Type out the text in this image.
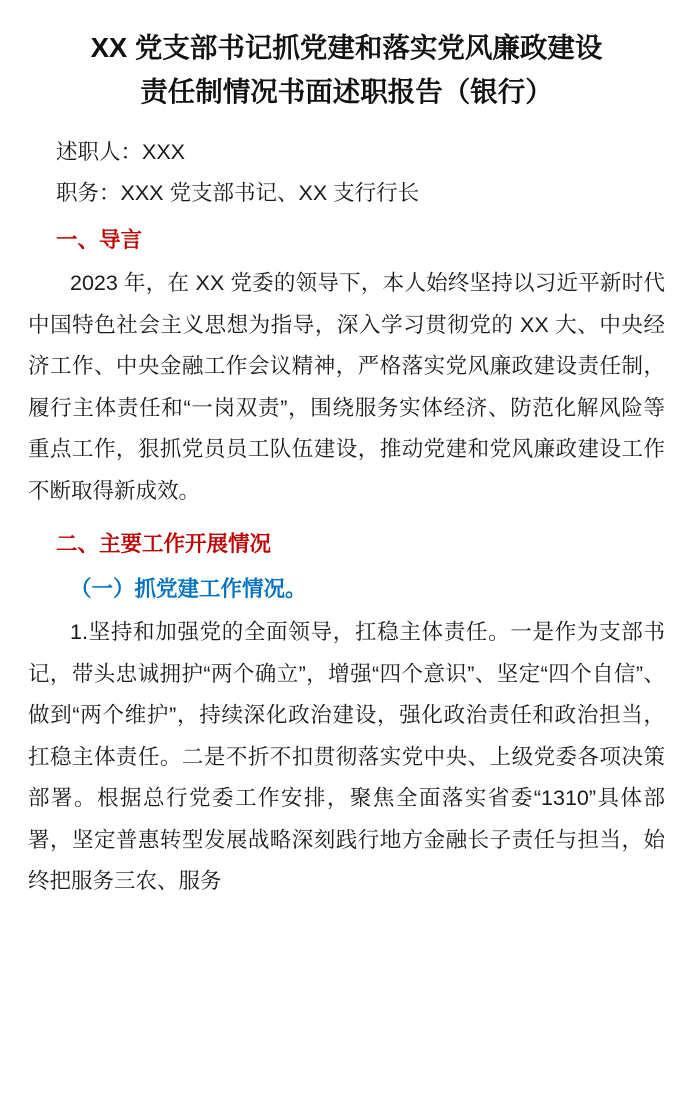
XX 党支部书记抓党建和落实党风廉政建设
责任制情况书面述职报告（银行）

述职人：XXX

职务：XXX 党支部书记、XX 支行行长

一、导言

2023 年，在 XX 党委的领导下，本人始终坚持以习近平新时代中国特色社会主义思想为指导，深入学习贯彻党的 XX 大、中央经济工作、中央金融工作会议精神，严格落实党风廉政建设责任制，履行主体责任和“一岗双责”，围绕服务实体经济、防范化解风险等重点工作，狠抓党员员工队伍建设，推动党建和党风廉政建设工作不断取得新成效。

二、主要工作开展情况
（一）抓党建工作情况。

1.坚持和加强党的全面领导，扛稳主体责任。一是作为支部书记，带头忠诚拥护“两个确立”，增强“四个意识”、坚定“四个自信”、做到“两个维护”，持续深化政治建设，强化政治责任和政治担当，扛稳主体责任。二是不折不扣贯彻落实党中央、上级党委各项决策部署。根据总行党委工作安排，聚焦全面落实省委“1310”具体部署，坚定普惠转型发展战略深刻践行地方金融长子责任与担当，始终把服务三农、服务
